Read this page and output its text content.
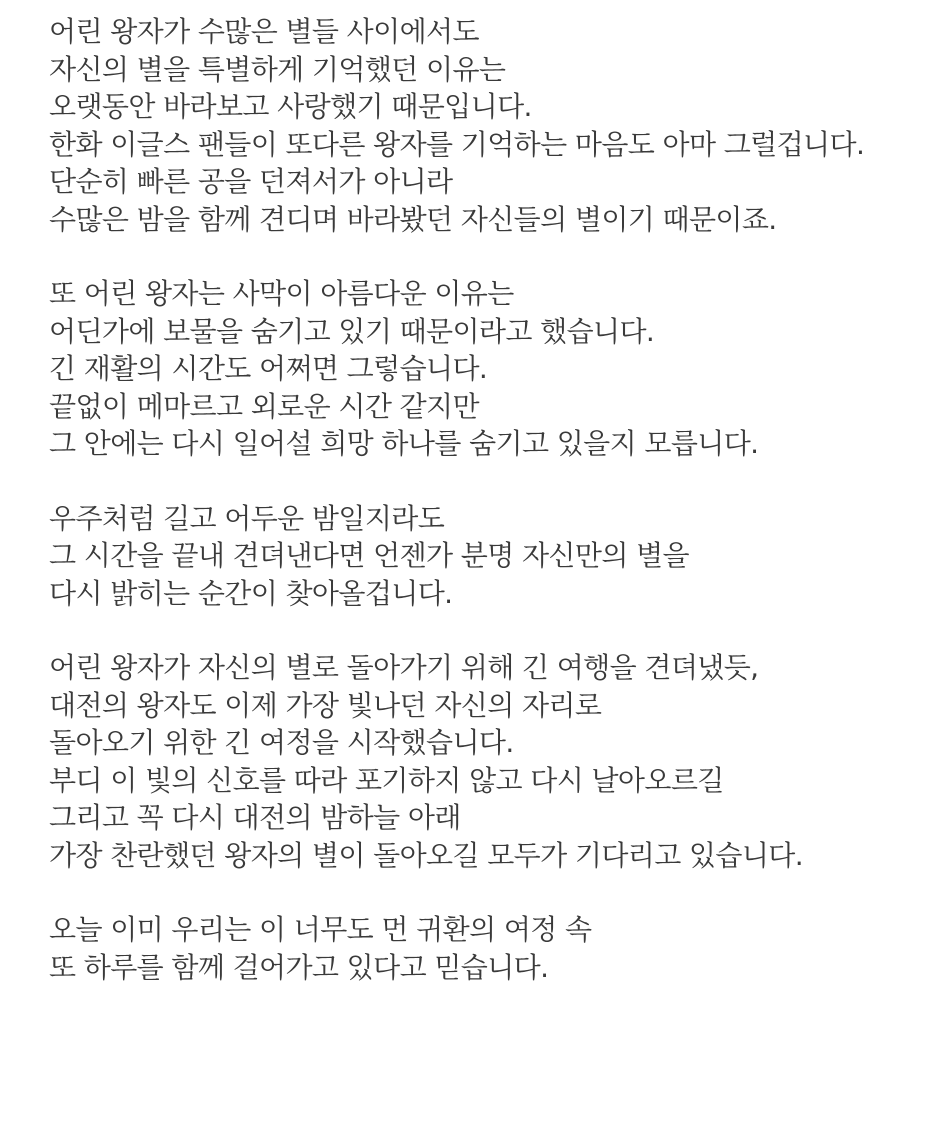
어린 왕자가 수많은 별들 사이에서도
자신의 별을 특별하게 기억했던 이유는
오랫동안 바라보고 사랑했기 때문입니다.
한화 이글스 팬들이 또다른 왕자를 기억하는 마음도 아마 그럴겁니다.
단순히 빠른 공을 던져서가 아니라
수많은 밤을 함께 견디며 바라봤던 자신들의 별이기 때문이죠.
또 어린 왕자는 사막이 아름다운 이유는
어딘가에 보물을 숨기고 있기 때문이라고 했습니다.
긴 재활의 시간도 어쩌면 그렇습니다.
끝없이 메마르고 외로운 시간 같지만
그 안에는 다시 일어설 희망 하나를 숨기고 있을지 모릅니다.
우주처럼 길고 어두운 밤일지라도
그 시간을 끝내 견뎌낸다면 언젠가 분명 자신만의 별을
다시 밝히는 순간이 찾아올겁니다.
어린 왕자가 자신의 별로 돌아가기 위해 긴 여행을 견뎌냈듯,
대전의 왕자도 이제 가장 빛나던 자신의 자리로
돌아오기 위한 긴 여정을 시작했습니다.
부디 이 빛의 신호를 따라 포기하지 않고 다시 날아오르길
그리고 꼭 다시 대전의 밤하늘 아래
가장 찬란했던 왕자의 별이 돌아오길 모두가 기다리고 있습니다.
오늘 이미 우리는 이 너무도 먼 귀환의 여정 속
또 하루를 함께 걸어가고 있다고 믿습니다.
